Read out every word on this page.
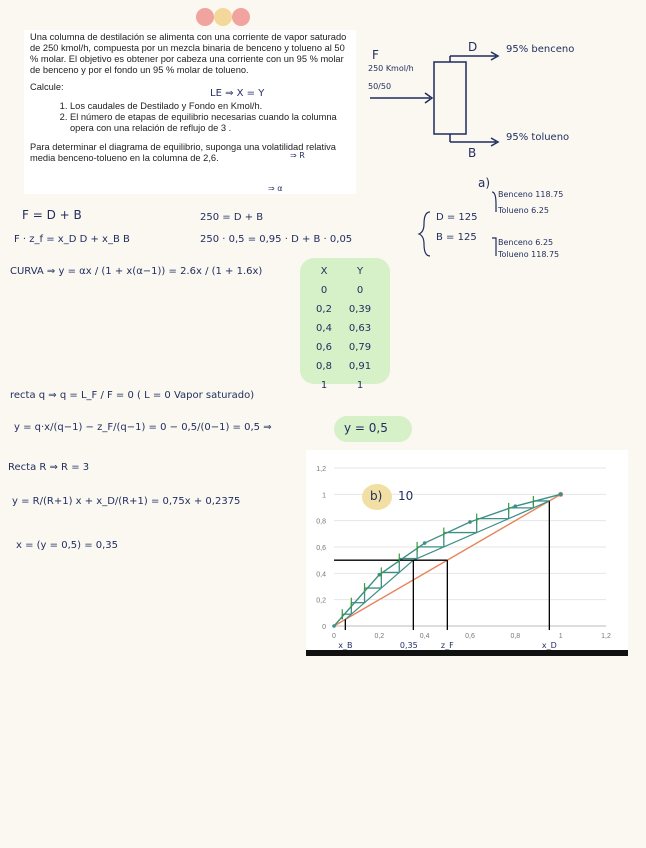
Una columna de destilación se alimenta con una corriente de vapor saturado de 250 kmol/h, compuesta por un mezcla binaria de benceno y tolueno al 50 % molar. El objetivo es obtener por cabeza una corriente con un 95 % molar de benceno y por el fondo un 95 % molar de tolueno.

Calcule:

1. Los caudales de Destilado y Fondo en Kmol/h.
2. El número de etapas de equilibrio necesarias cuando la columna opera con una relación de reflujo de 3 .

Para determinar el diagrama de equilibrio, suponga una volatilidad relativa media benceno-tolueno en la columna de 2,6.

F
250 Kmol/h
50/50
D	95% benceno
B
95% tolueno
LE ⇒ X = Y
⇒ R
⇒ α	a)
Benceno 118.75
Tolueno 6.25
Benceno 6.25
Tolueno 118.75
F = D + B
F · z_f = x_D D + x_B B
250 = D + B
250 · 0,5 = 0,95 · D + B · 0,05
D = 125
B = 125
CURVA ⇒ y = αx / (1 + x(α−1)) = 2.6x / (1 + 1.6x)	X	Y
0	0
0,2	0,39
0,4	0,63
0,6	0,79
0,8	0,91
1	1
recta q ⇒ q = L_F / F = 0 ( L = 0 Vapor saturado)
y = q·x/(q−1) − z_F/(q−1) = 0 − 0,5/(0−1) = 0,5 ⇒	y = 0,5
Recta R ⇒ R = 3
y = R/(R+1) x + x_D/(R+1) = 0,75x + 0,2375
x = (y = 0,5) = 0,35
0
0,2
0,4
0,6
0,8
1
1,2
0	0,2	0,4	0,6	0,8	1	1,2
x_B	0,35	z_F	x_D
b) 10
